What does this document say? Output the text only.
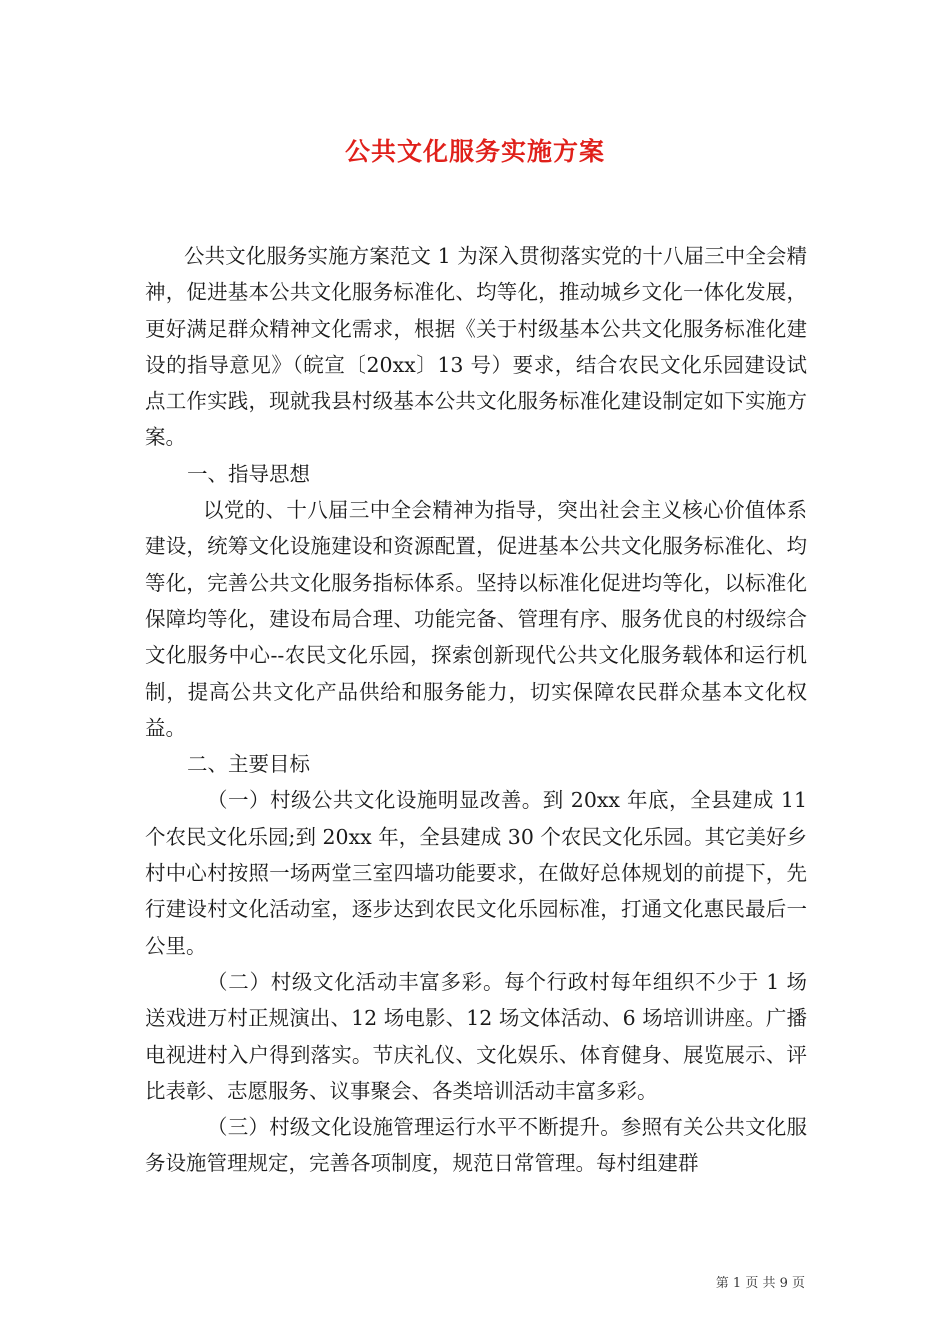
公共文化服务实施方案

公共文化服务实施方案范文 1 为深入贯彻落实党的十八届三中全会精神，促进基本公共文化服务标准化、均等化，推动城乡文化一体化发展，更好满足群众精神文化需求，根据《关于村级基本公共文化服务标准化建设的指导意见》（皖宣〔20xx〕13 号）要求，结合农民文化乐园建设试点工作实践，现就我县村级基本公共文化服务标准化建设制定如下实施方案。

一、指导思想

以党的、十八届三中全会精神为指导，突出社会主义核心价值体系建设，统筹文化设施建设和资源配置，促进基本公共文化服务标准化、均等化，完善公共文化服务指标体系。坚持以标准化促进均等化，以标准化保障均等化，建设布局合理、功能完备、管理有序、服务优良的村级综合文化服务中心--农民文化乐园，探索创新现代公共文化服务载体和运行机制，提高公共文化产品供给和服务能力，切实保障农民群众基本文化权益。

二、主要目标

（一）村级公共文化设施明显改善。到 20xx 年底，全县建成 11 个农民文化乐园;到 20xx 年，全县建成 30 个农民文化乐园。其它美好乡村中心村按照一场两堂三室四墙功能要求，在做好总体规划的前提下，先行建设村文化活动室，逐步达到农民文化乐园标准，打通文化惠民最后一公里。

（二）村级文化活动丰富多彩。每个行政村每年组织不少于 1 场送戏进万村正规演出、12 场电影、12 场文体活动、6 场培训讲座。广播电视进村入户得到落实。节庆礼仪、文化娱乐、体育健身、展览展示、评比表彰、志愿服务、议事聚会、各类培训活动丰富多彩。

（三）村级文化设施管理运行水平不断提升。参照有关公共文化服务设施管理规定，完善各项制度，规范日常管理。每村组建群

第 1 页 共 9 页
